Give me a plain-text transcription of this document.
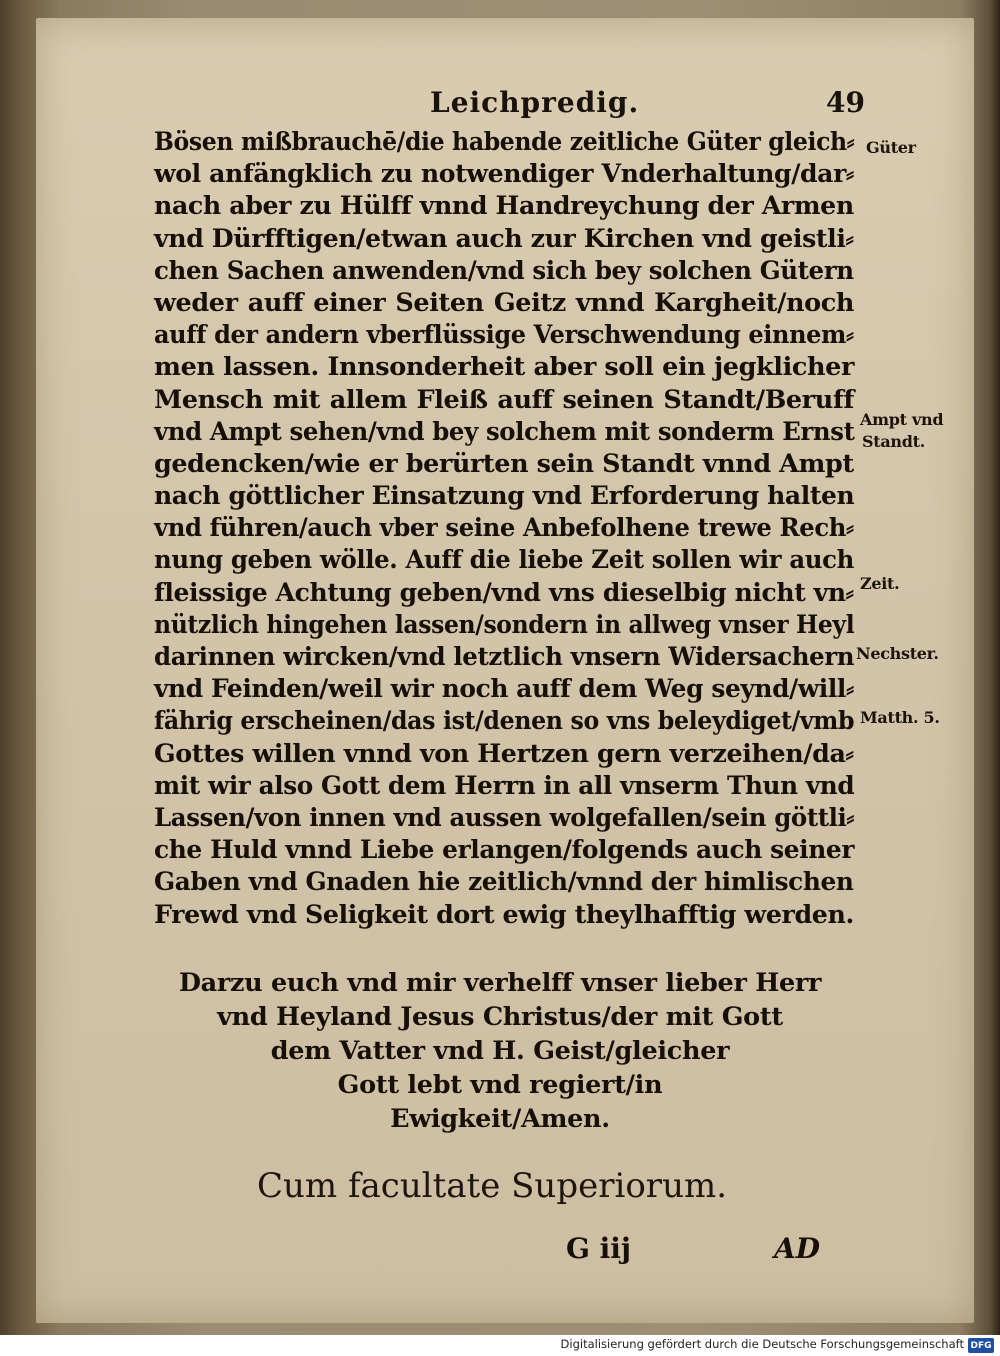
Leichpredig.	49
Bösen mißbrauchē/die habende zeitliche Güter gleich⸗
wol anfängklich zu notwendiger Vnderhaltung/dar⸗
nach aber zu Hülff vnnd Handreychung der Armen
vnd Dürfftigen/etwan auch zur Kirchen vnd geistli⸗
chen Sachen anwenden/vnd sich bey solchen Gütern
weder auff einer Seiten Geitz vnnd Kargheit/noch
auff der andern vberflüssige Verschwendung einnem⸗
men lassen. Innsonderheit aber soll ein jegklicher
Mensch mit allem Fleiß auff seinen Standt/Beruff
vnd Ampt sehen/vnd bey solchem mit sonderm Ernst
gedencken/wie er berürten sein Standt vnnd Ampt
nach göttlicher Einsatzung vnd Erforderung halten
vnd führen/auch vber seine Anbefolhene trewe Rech⸗
nung geben wölle. Auff die liebe Zeit sollen wir auch
fleissige Achtung geben/vnd vns dieselbig nicht vn⸗
nützlich hingehen lassen/sondern in allweg vnser Heyl
darinnen wircken/vnd letztlich vnsern Widersachern
vnd Feinden/weil wir noch auff dem Weg seynd/will⸗
fährig erscheinen/das ist/denen so vns beleydiget/vmb
Gottes willen vnnd von Hertzen gern verzeihen/da⸗
mit wir also Gott dem Herrn in all vnserm Thun vnd
Lassen/von innen vnd aussen wolgefallen/sein göttli⸗
che Huld vnnd Liebe erlangen/folgends auch seiner
Gaben vnd Gnaden hie zeitlich/vnnd der himlischen
Frewd vnd Seligkeit dort ewig theylhafftig werden.
Darzu euch vnd mir verhelff vnser lieber Herr
vnd Heyland Jesus Christus/der mit Gott
dem Vatter vnd H. Geist/gleicher
Gott lebt vnd regiert/in
Ewigkeit/Amen.
Güter
Ampt vnd
Standt.
Zeit.
Nechster.
Matth. 5.
Cum facultate Superiorum.
G iij	AD
Digitalisierung gefördert durch die Deutsche Forschungsgemeinschaft DFG
